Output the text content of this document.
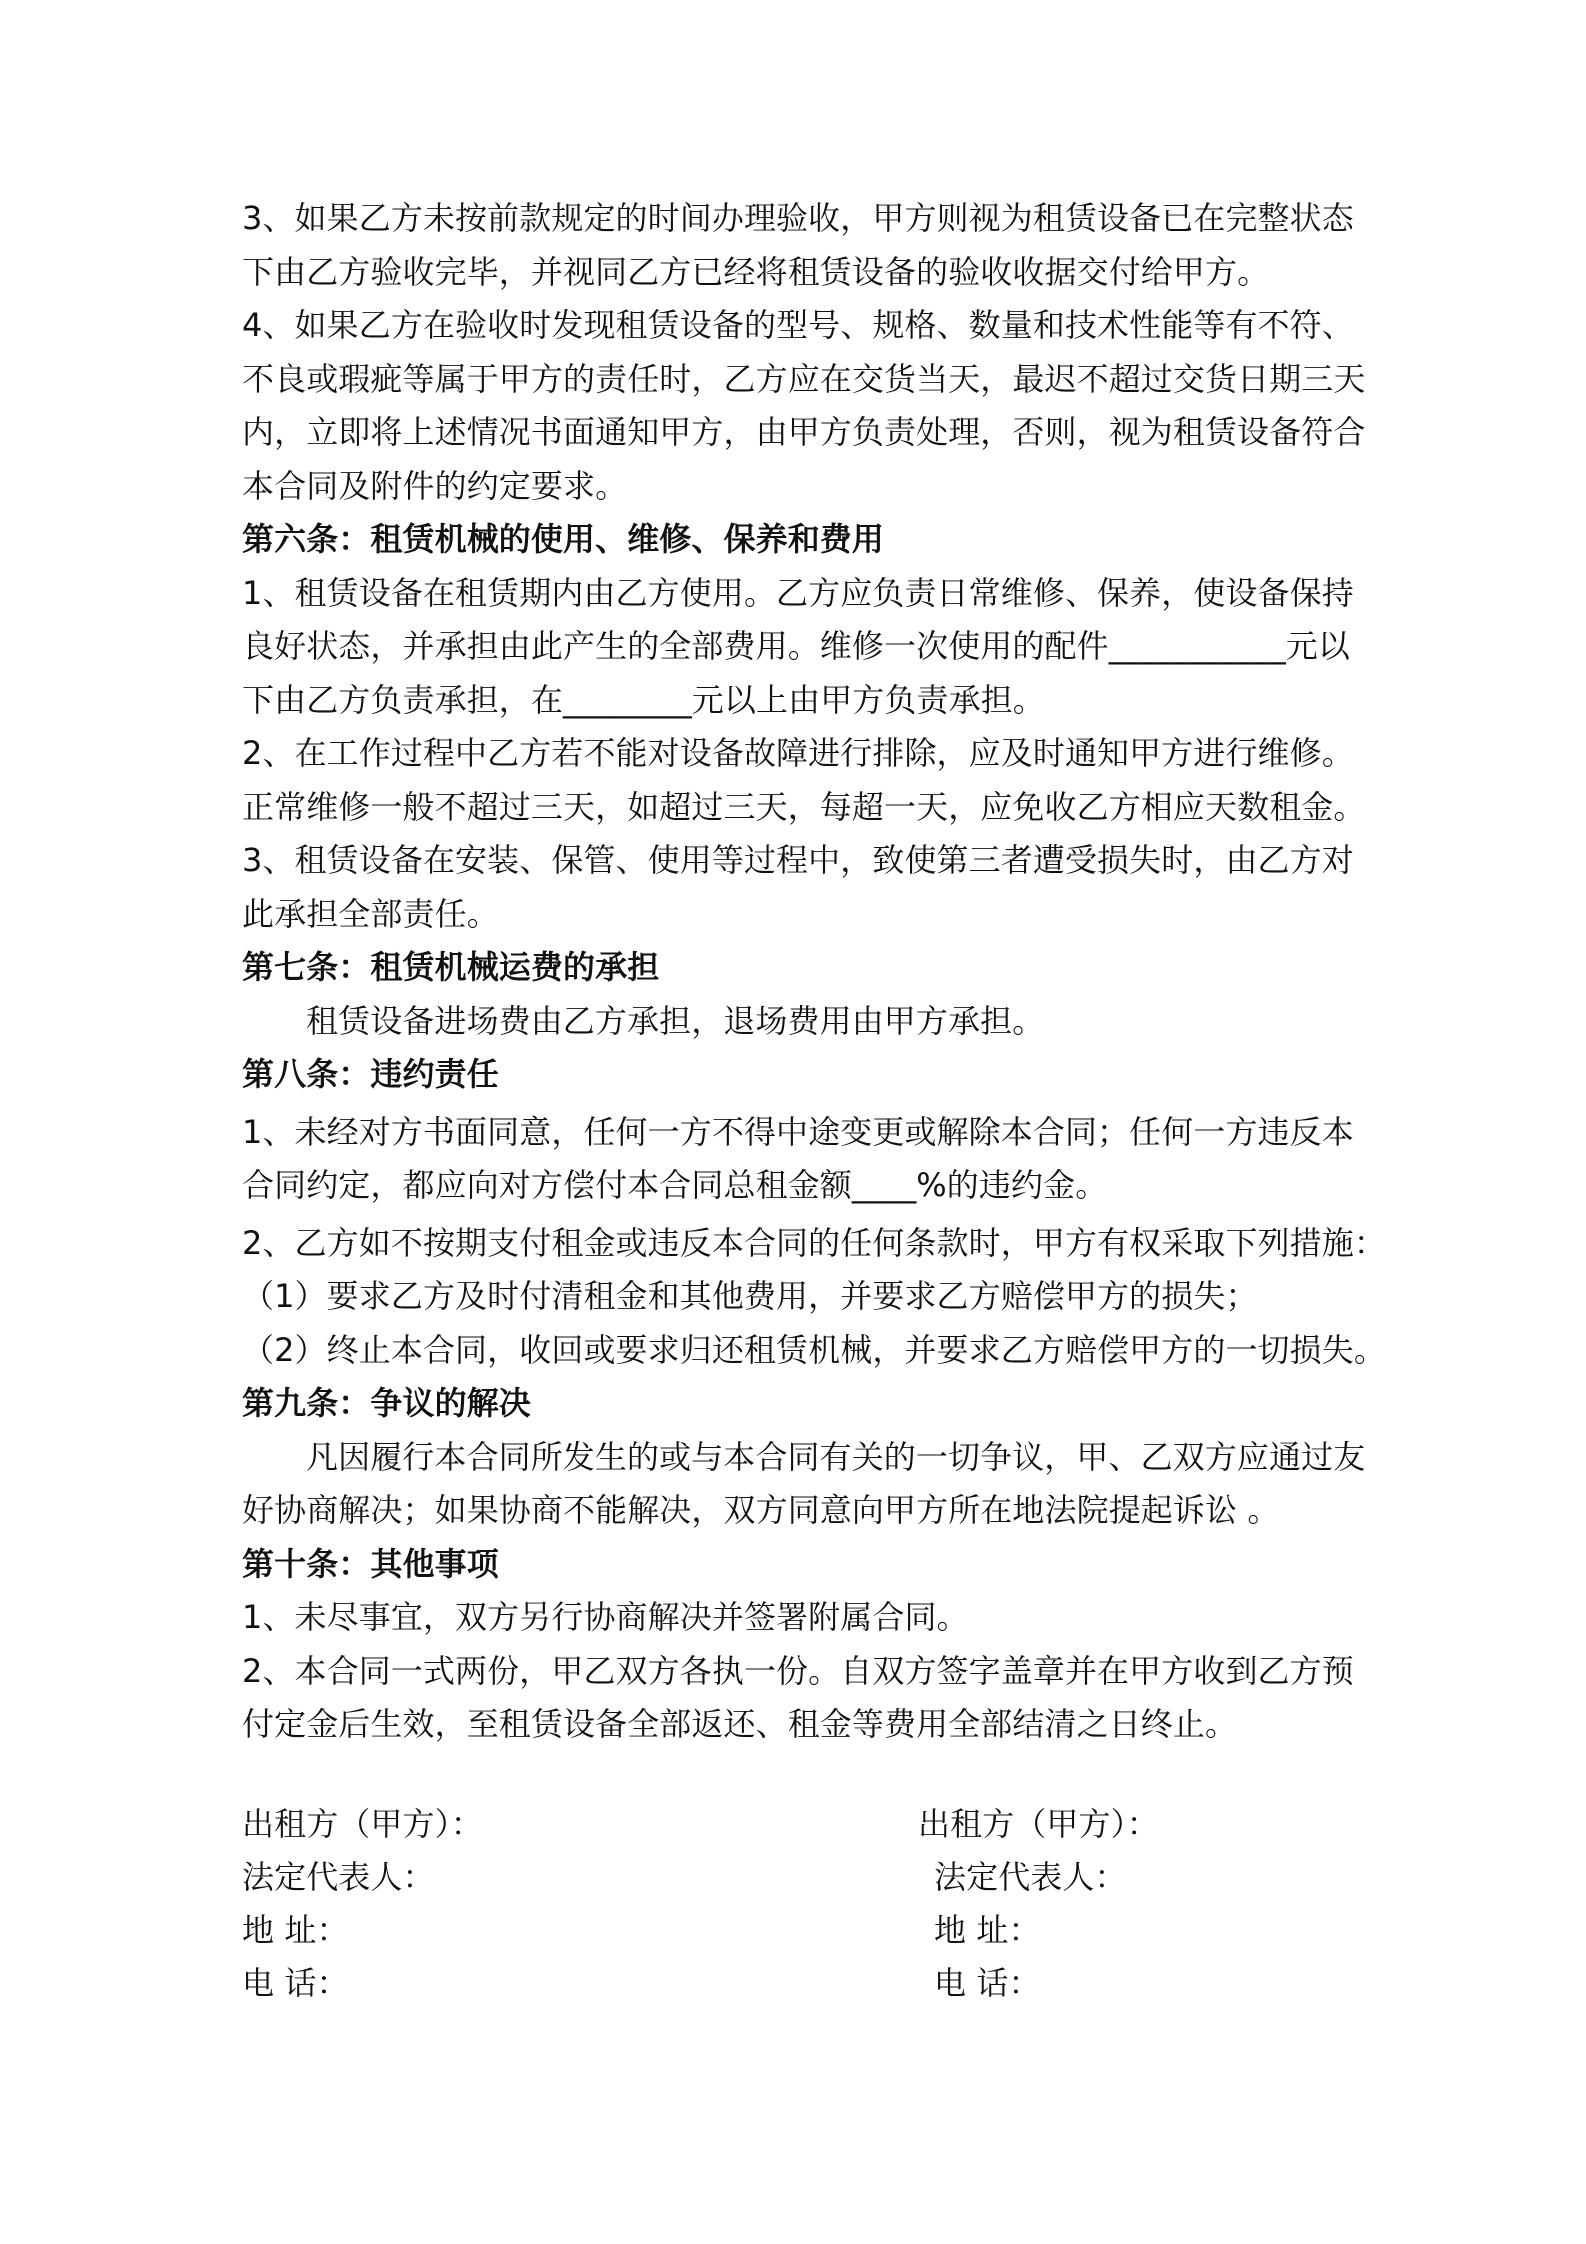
3、如果乙方未按前款规定的时间办理验收，甲方则视为租赁设备已在完整状态
下由乙方验收完毕，并视同乙方已经将租赁设备的验收收据交付给甲方。
4、如果乙方在验收时发现租赁设备的型号、规格、数量和技术性能等有不符、
不良或瑕疵等属于甲方的责任时，乙方应在交货当天，最迟不超过交货日期三天
内，立即将上述情况书面通知甲方，由甲方负责处理，否则，视为租赁设备符合
本合同及附件的约定要求。
第六条：租赁机械的使用、维修、保养和费用
1、租赁设备在租赁期内由乙方使用。乙方应负责日常维修、保养，使设备保持
良好状态，并承担由此产生的全部费用。维修一次使用的配件___________元以
下由乙方负责承担，在________元以上由甲方负责承担。
2、在工作过程中乙方若不能对设备故障进行排除，应及时通知甲方进行维修。
正常维修一般不超过三天，如超过三天，每超一天，应免收乙方相应天数租金。
3、租赁设备在安装、保管、使用等过程中，致使第三者遭受损失时，由乙方对
此承担全部责任。
第七条：租赁机械运费的承担
租赁设备进场费由乙方承担，退场费用由甲方承担。
第八条：违约责任
1、未经对方书面同意，任何一方不得中途变更或解除本合同；任何一方违反本
合同约定，都应向对方偿付本合同总租金额____%的违约金。
2、乙方如不按期支付租金或违反本合同的任何条款时，甲方有权采取下列措施：
（1）要求乙方及时付清租金和其他费用，并要求乙方赔偿甲方的损失；
（2）终止本合同，收回或要求归还租赁机械，并要求乙方赔偿甲方的一切损失。
第九条：争议的解决
凡因履行本合同所发生的或与本合同有关的一切争议，甲、乙双方应通过友
好协商解决；如果协商不能解决，双方同意向甲方所在地法院提起诉讼 。
第十条：其他事项
1、未尽事宜，双方另行协商解决并签署附属合同。
2、本合同一式两份，甲乙双方各执一份。自双方签字盖章并在甲方收到乙方预
付定金后生效，至租赁设备全部返还、租金等费用全部结清之日终止。
出租方（甲方）：
法定代表人：
地 址：
电 话：
出租方（甲方）：
法定代表人：
地 址：
电 话：
